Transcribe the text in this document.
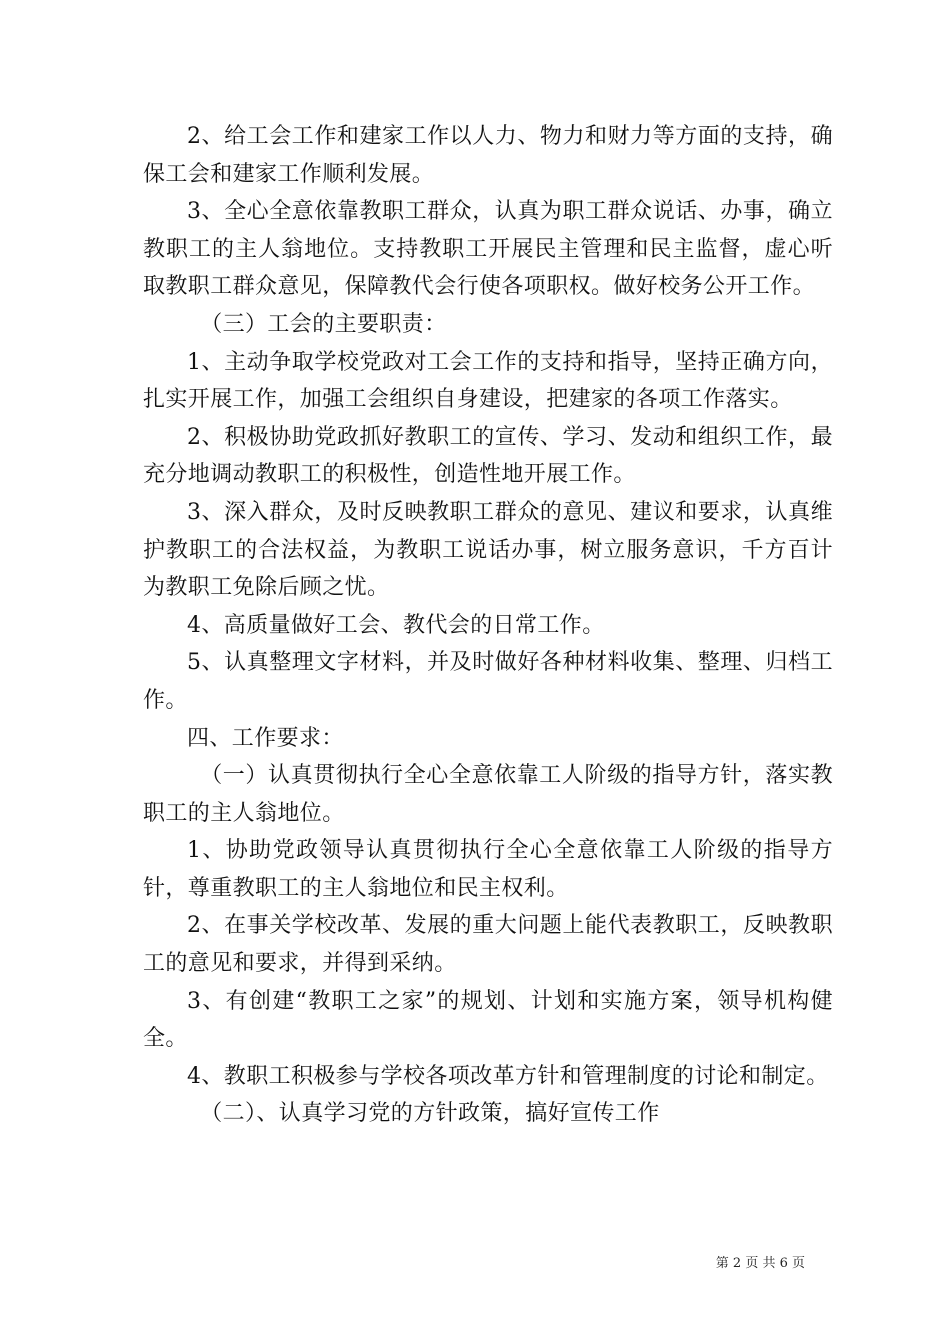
2、给工会工作和建家工作以人力、物力和财力等方面的支持，确保工会和建家工作顺利发展。

3、全心全意依靠教职工群众，认真为职工群众说话、办事，确立教职工的主人翁地位。支持教职工开展民主管理和民主监督，虚心听取教职工群众意见，保障教代会行使各项职权。做好校务公开工作。

（三）工会的主要职责：

1、主动争取学校党政对工会工作的支持和指导，坚持正确方向，扎实开展工作，加强工会组织自身建设，把建家的各项工作落实。

2、积极协助党政抓好教职工的宣传、学习、发动和组织工作，最充分地调动教职工的积极性，创造性地开展工作。

3、深入群众，及时反映教职工群众的意见、建议和要求，认真维护教职工的合法权益，为教职工说话办事，树立服务意识，千方百计为教职工免除后顾之忧。

4、高质量做好工会、教代会的日常工作。

5、认真整理文字材料，并及时做好各种材料收集、整理、归档工作。

四、工作要求：

（一）认真贯彻执行全心全意依靠工人阶级的指导方针，落实教职工的主人翁地位。

1、协助党政领导认真贯彻执行全心全意依靠工人阶级的指导方针，尊重教职工的主人翁地位和民主权利。

2、在事关学校改革、发展的重大问题上能代表教职工，反映教职工的意见和要求，并得到采纳。

3、有创建“教职工之家”的规划、计划和实施方案，领导机构健全。

4、教职工积极参与学校各项改革方针和管理制度的讨论和制定。

（二）、认真学习党的方针政策，搞好宣传工作

第 2 页 共 6 页
